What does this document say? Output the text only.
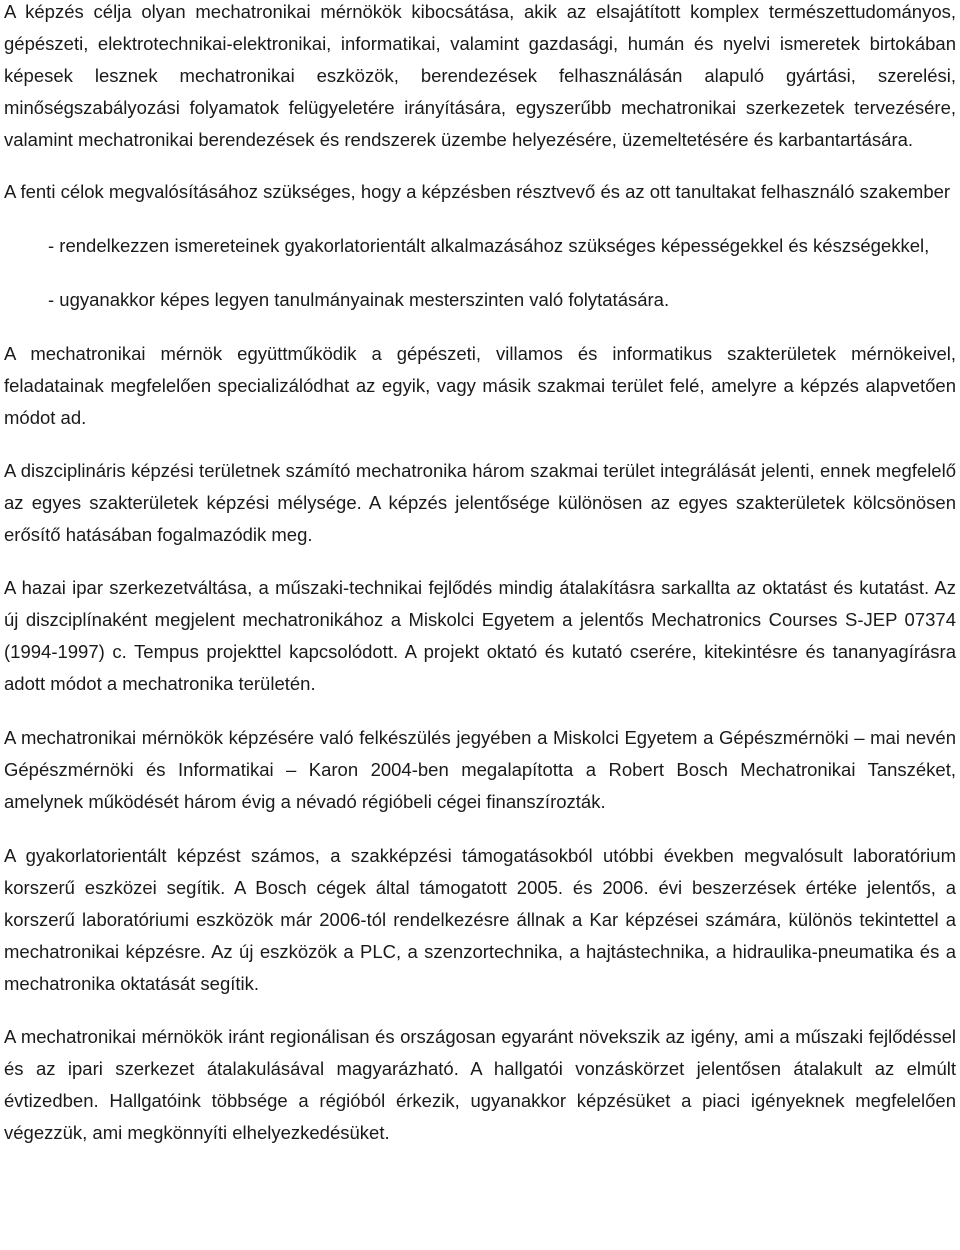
A képzés célja olyan mechatronikai mérnökök kibocsátása, akik az elsajátított komplex természettudományos, gépészeti, elektrotechnikai-elektronikai, informatikai, valamint gazdasági, humán és nyelvi ismeretek birtokában képesek lesznek mechatronikai eszközök, berendezések felhasználásán alapuló gyártási, szerelési, minőségszabályozási folyamatok felügyeletére irányítására, egyszerűbb mechatronikai szerkezetek tervezésére, valamint mechatronikai berendezések és rendszerek üzembe helyezésére, üzemeltetésére és karbantartására.

A fenti célok megvalósításához szükséges, hogy a képzésben résztvevő és az ott tanultakat felhasználó szakember

- rendelkezzen ismereteinek gyakorlatorientált alkalmazásához szükséges képességekkel és készségekkel,

- ugyanakkor képes legyen tanulmányainak mesterszinten való folytatására.

A mechatronikai mérnök együttműködik a gépészeti, villamos és informatikus szakterületek mérnökeivel, feladatainak megfelelően specializálódhat az egyik, vagy másik szakmai terület felé, amelyre a képzés alapvetően módot ad.

A diszciplináris képzési területnek számító mechatronika három szakmai terület integrálását jelenti, ennek megfelelő az egyes szakterületek képzési mélysége. A képzés jelentősége különösen az egyes szakterületek kölcsönösen erősítő hatásában fogalmazódik meg.

A hazai ipar szerkezetváltása, a műszaki-technikai fejlődés mindig átalakításra sarkallta az oktatást és kutatást. Az új diszciplínaként megjelent mechatronikához a Miskolci Egyetem a jelentős Mechatronics Courses S-JEP 07374 (1994-1997) c. Tempus projekttel kapcsolódott. A projekt oktató és kutató cserére, kitekintésre és tananyagírásra adott módot a mechatronika területén.

A mechatronikai mérnökök képzésére való felkészülés jegyében a Miskolci Egyetem a Gépészmérnöki – mai nevén Gépészmérnöki és Informatikai – Karon 2004-ben megalapította a Robert Bosch Mechatronikai Tanszéket, amelynek működését három évig a névadó régióbeli cégei finanszírozták.

A gyakorlatorientált képzést számos, a szakképzési támogatásokból utóbbi években megvalósult laboratórium korszerű eszközei segítik. A Bosch cégek által támogatott 2005. és 2006. évi beszerzések értéke jelentős, a korszerű laboratóriumi eszközök már 2006-tól rendelkezésre állnak a Kar képzései számára, különös tekintettel a mechatronikai képzésre. Az új eszközök a PLC, a szenzortechnika, a hajtástechnika, a hidraulika-pneumatika és a mechatronika oktatását segítik.

A mechatronikai mérnökök iránt regionálisan és országosan egyaránt növekszik az igény, ami a műszaki fejlődéssel és az ipari szerkezet átalakulásával magyarázható. A hallgatói vonzáskörzet jelentősen átalakult az elmúlt évtizedben. Hallgatóink többsége a régióból érkezik, ugyanakkor képzésüket a piaci igényeknek megfelelően végezzük, ami megkönnyíti elhelyezkedésüket.
